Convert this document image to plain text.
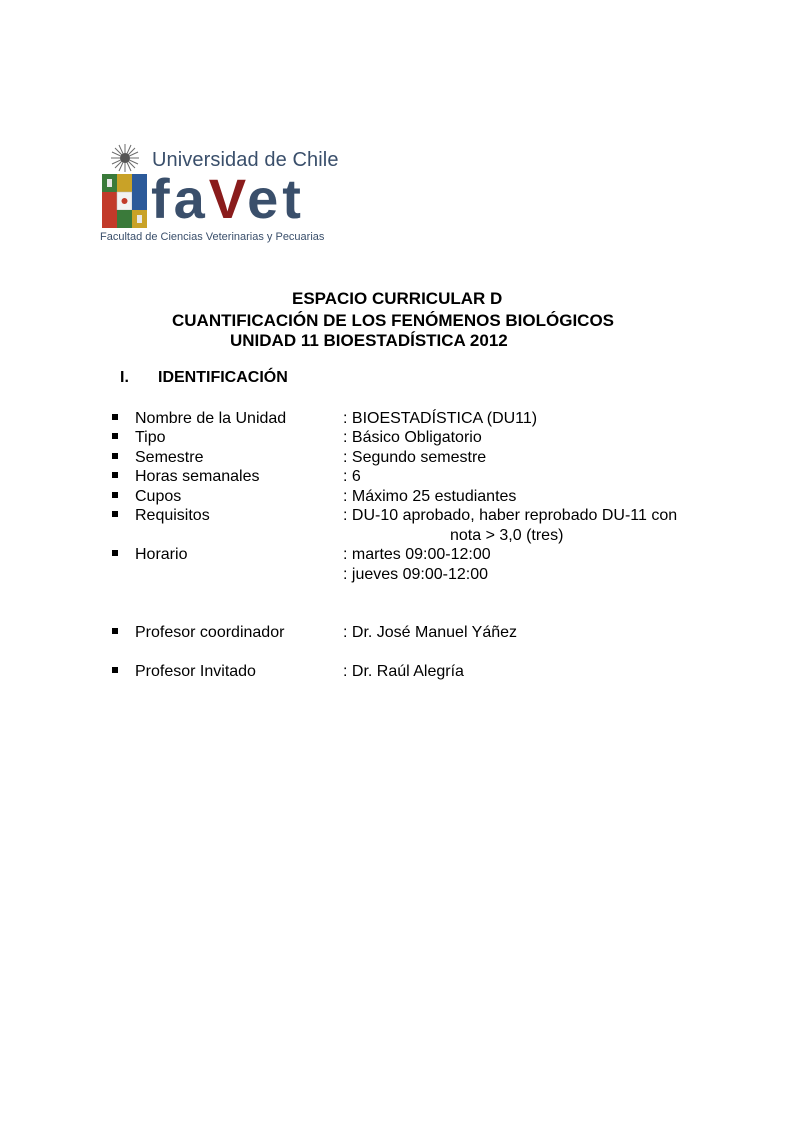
Universidad de Chile
faVet
Facultad de Ciencias Veterinarias y Pecuarias
ESPACIO CURRICULAR D
CUANTIFICACIÓN DE LOS FENÓMENOS BIOLÓGICOS
UNIDAD 11 BIOESTADÍSTICA 2012
I. IDENTIFICACIÓN
Nombre de la Unidad	: BIOESTADÍSTICA (DU11)
Tipo	: Básico Obligatorio
Semestre	: Segundo semestre
Horas semanales	: 6
Cupos	: Máximo 25 estudiantes
Requisitos	: DU-10 aprobado, haber reprobado DU-11 con
nota > 3,0 (tres)
Horario	: martes 09:00-12:00
: jueves 09:00-12:00
Profesor coordinador	: Dr. José Manuel Yáñez
Profesor Invitado	: Dr. Raúl Alegría
